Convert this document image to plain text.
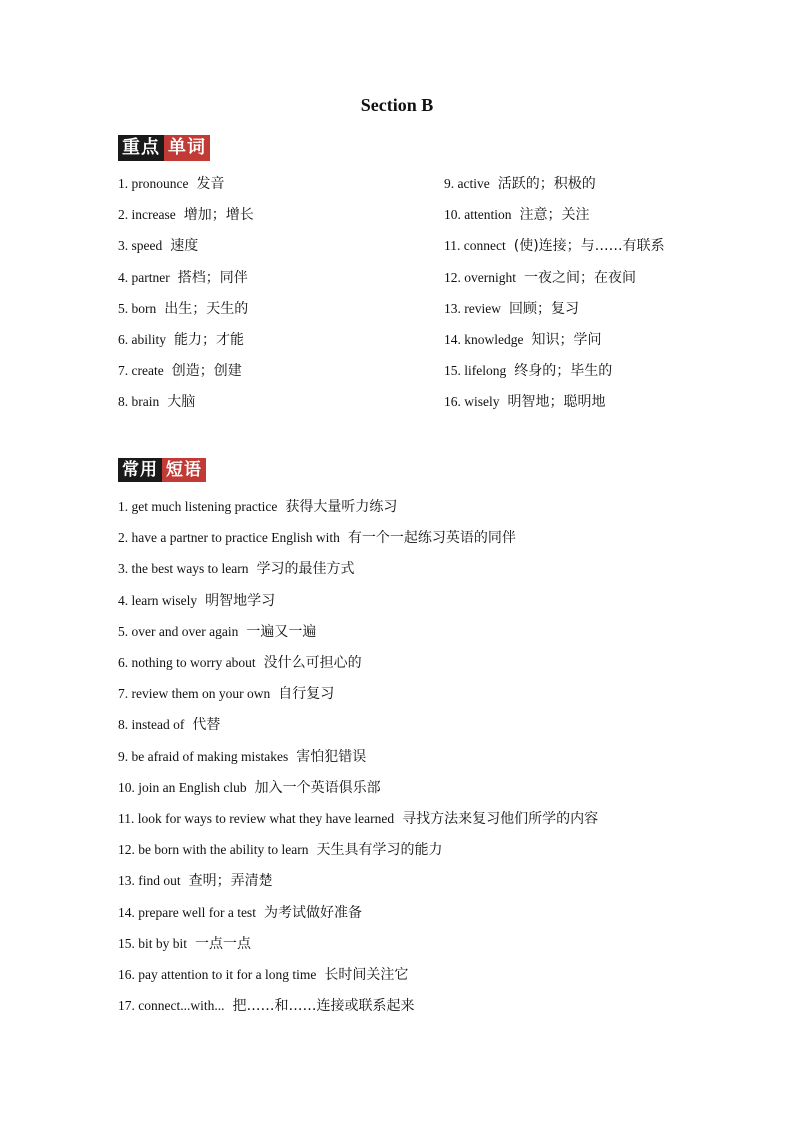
Section B
重点 单词
1. pronounce 发音
2. increase 增加；增长
3. speed 速度
4. partner 搭档；同伴
5. born 出生；天生的
6. ability 能力；才能
7. create 创造；创建
8. brain 大脑
9. active 活跃的；积极的
10. attention 注意；关注
11. connect (使)连接；与……有联系
12. overnight 一夜之间；在夜间
13. review 回顾；复习
14. knowledge 知识；学问
15. lifelong 终身的；毕生的
16. wisely 明智地；聪明地
常用 短语
1. get much listening practice 获得大量听力练习
2. have a partner to practice English with 有一个一起练习英语的同伴
3. the best ways to learn 学习的最佳方式
4. learn wisely 明智地学习
5. over and over again 一遍又一遍
6. nothing to worry about 没什么可担心的
7. review them on your own 自行复习
8. instead of 代替
9. be afraid of making mistakes 害怕犯错误
10. join an English club 加入一个英语俱乐部
11. look for ways to review what they have learned 寻找方法来复习他们所学的内容
12. be born with the ability to learn 天生具有学习的能力
13. find out 查明；弄清楚
14. prepare well for a test 为考试做好准备
15. bit by bit 一点一点
16. pay attention to it for a long time 长时间关注它
17. connect...with... 把……和……连接或联系起来
